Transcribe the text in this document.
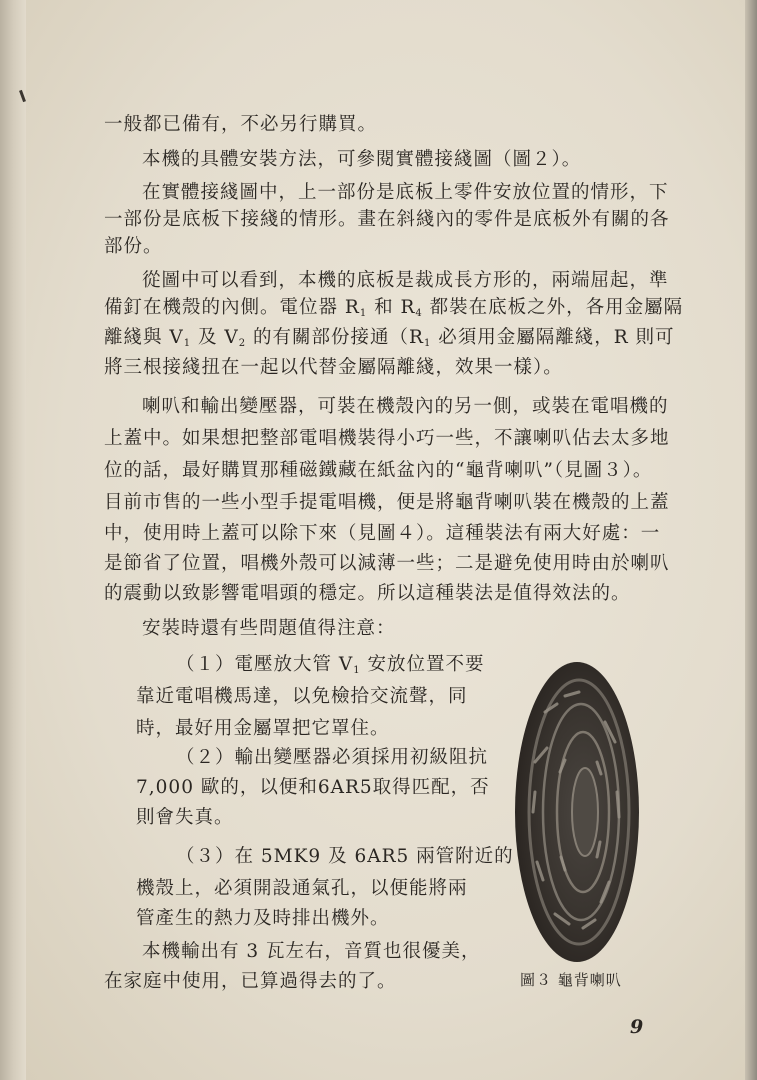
一般都已備有，不必另行購買。
本機的具體安裝方法，可參閱實體接綫圖（圖２）。
在實體接綫圖中，上一部份是底板上零件安放位置的情形，下
一部份是底板下接綫的情形。畫在斜綫內的零件是底板外有關的各
部份。
從圖中可以看到，本機的底板是裁成長方形的，兩端屈起，準
備釘在機殼的內側。電位器 $R_1$ 和 $R_4$ 都裝在底板之外，各用金屬隔
離綫與 $V_1$ 及 $V_2$ 的有關部份接通（$R_1$ 必須用金屬隔離綫，R 則可
將三根接綫扭在一起以代替金屬隔離綫，效果一樣）。
喇叭和輸出變壓器，可裝在機殼內的另一側，或裝在電唱機的
上蓋中。如果想把整部電唱機裝得小巧一些，不讓喇叭佔去太多地
位的話，最好購買那種磁鐵藏在紙盆內的“龜背喇叭”（見圖３）。
目前市售的一些小型手提電唱機，便是將龜背喇叭裝在機殼的上蓋
中，使用時上蓋可以除下來（見圖４）。這種裝法有兩大好處：一
是節省了位置，唱機外殼可以減薄一些；二是避免使用時由於喇叭
的震動以致影響電唱頭的穩定。所以這種裝法是值得效法的。
安裝時還有些問題值得注意：
（１）電壓放大管 $V_1$ 安放位置不要
靠近電唱機馬達，以免檢拾交流聲，同
時，最好用金屬罩把它罩住。
（２）輸出變壓器必須採用初級阻抗
7,000 歐的，以便和6AR5取得匹配，否
則會失真。
（３）在 5MK9 及 6AR5 兩管附近的
機殼上，必須開設通氣孔，以便能將兩
管產生的熱力及時排出機外。
本機輸出有 3 瓦左右，音質也很優美，
在家庭中使用，已算過得去的了。	圖３ 龜背喇叭
9
